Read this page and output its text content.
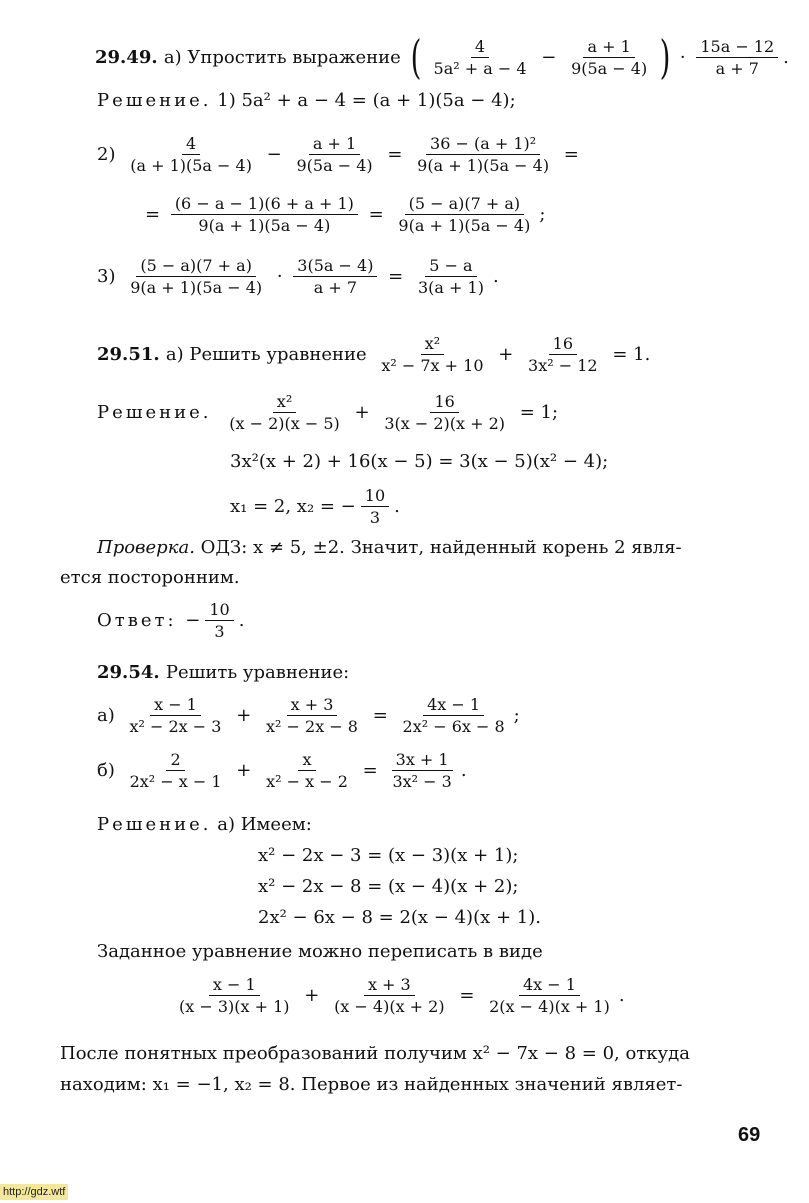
29.49. а) Упростить выражение ( $\frac{4}{\text{5a² + a − 4}} - \frac{a + 1}{9(5a - 4)}$ ) · $\frac{15a - 12}{a + 7}$ .
Решение. 1) 5a² + a − 4 = (a + 1)(5a − 4);
$2) \frac{4}{(a + 1)(5a - 4)} - \frac{a + 1}{9(5a - 4)} = \frac{\text{36 − (a + 1)²}}{9(a + 1)(5a - 4)}$ =
= $\frac{(6 - a - 1)(6 + a + 1)}{9(a + 1)(5a - 4)} = \frac{(5 - a)(7 + a)}{9(a + 1)(5a - 4)}$ ;
$3) \frac{(5 - a)(7 + a)}{9(a + 1)(5a - 4)} \cdot \frac{3(5a - 4)}{a + 7} = \frac{5 - a}{3(a + 1)}$ .
29.51. а) Решить уравнение $\frac{\text{x²}}{\text{x² − 7x + 10}} + \frac{16}{\text{3x² − 12}} = 1$.
Решение. $\frac{\text{x²}}{(x - 2)(x - 5)} + \frac{16}{3(x - 2)(x + 2)} = 1$;
3x²(x + 2) + 16(x − 5) = 3(x − 5)(x² − 4);
x₁ = 2, x₂ = − $\frac{10}{3}$ .
Проверка. ОДЗ: x ≠ 5, ±2. Значит, найденный корень 2 явля-
ется посторонним.
Ответ: − $\frac{10}{3}$ .
29.54. Решить уравнение:
$а) \frac{x - 1}{\text{x² − 2x − 3}} + \frac{x + 3}{\text{x² − 2x − 8}} = \frac{4x - 1}{\text{2x² − 6x − 8}}$ ;
$б) \frac{2}{\text{2x² − x − 1}} + \frac{x}{\text{x² − x − 2}} = \frac{3x + 1}{\text{3x² − 3}}$ .
Решение. а) Имеем:
x² − 2x − 3 = (x − 3)(x + 1);
x² − 2x − 8 = (x − 4)(x + 2);
2x² − 6x − 8 = 2(x − 4)(x + 1).
Заданное уравнение можно переписать в виде
$\frac{x - 1}{(x - 3)(x + 1)} + \frac{x + 3}{(x - 4)(x + 2)} = \frac{4x - 1}{2(x - 4)(x + 1)}$ .
После понятных преобразований получим x² − 7x − 8 = 0, откуда
находим: x₁ = −1, x₂ = 8. Первое из найденных значений являет-
69
http://gdz.wtf
